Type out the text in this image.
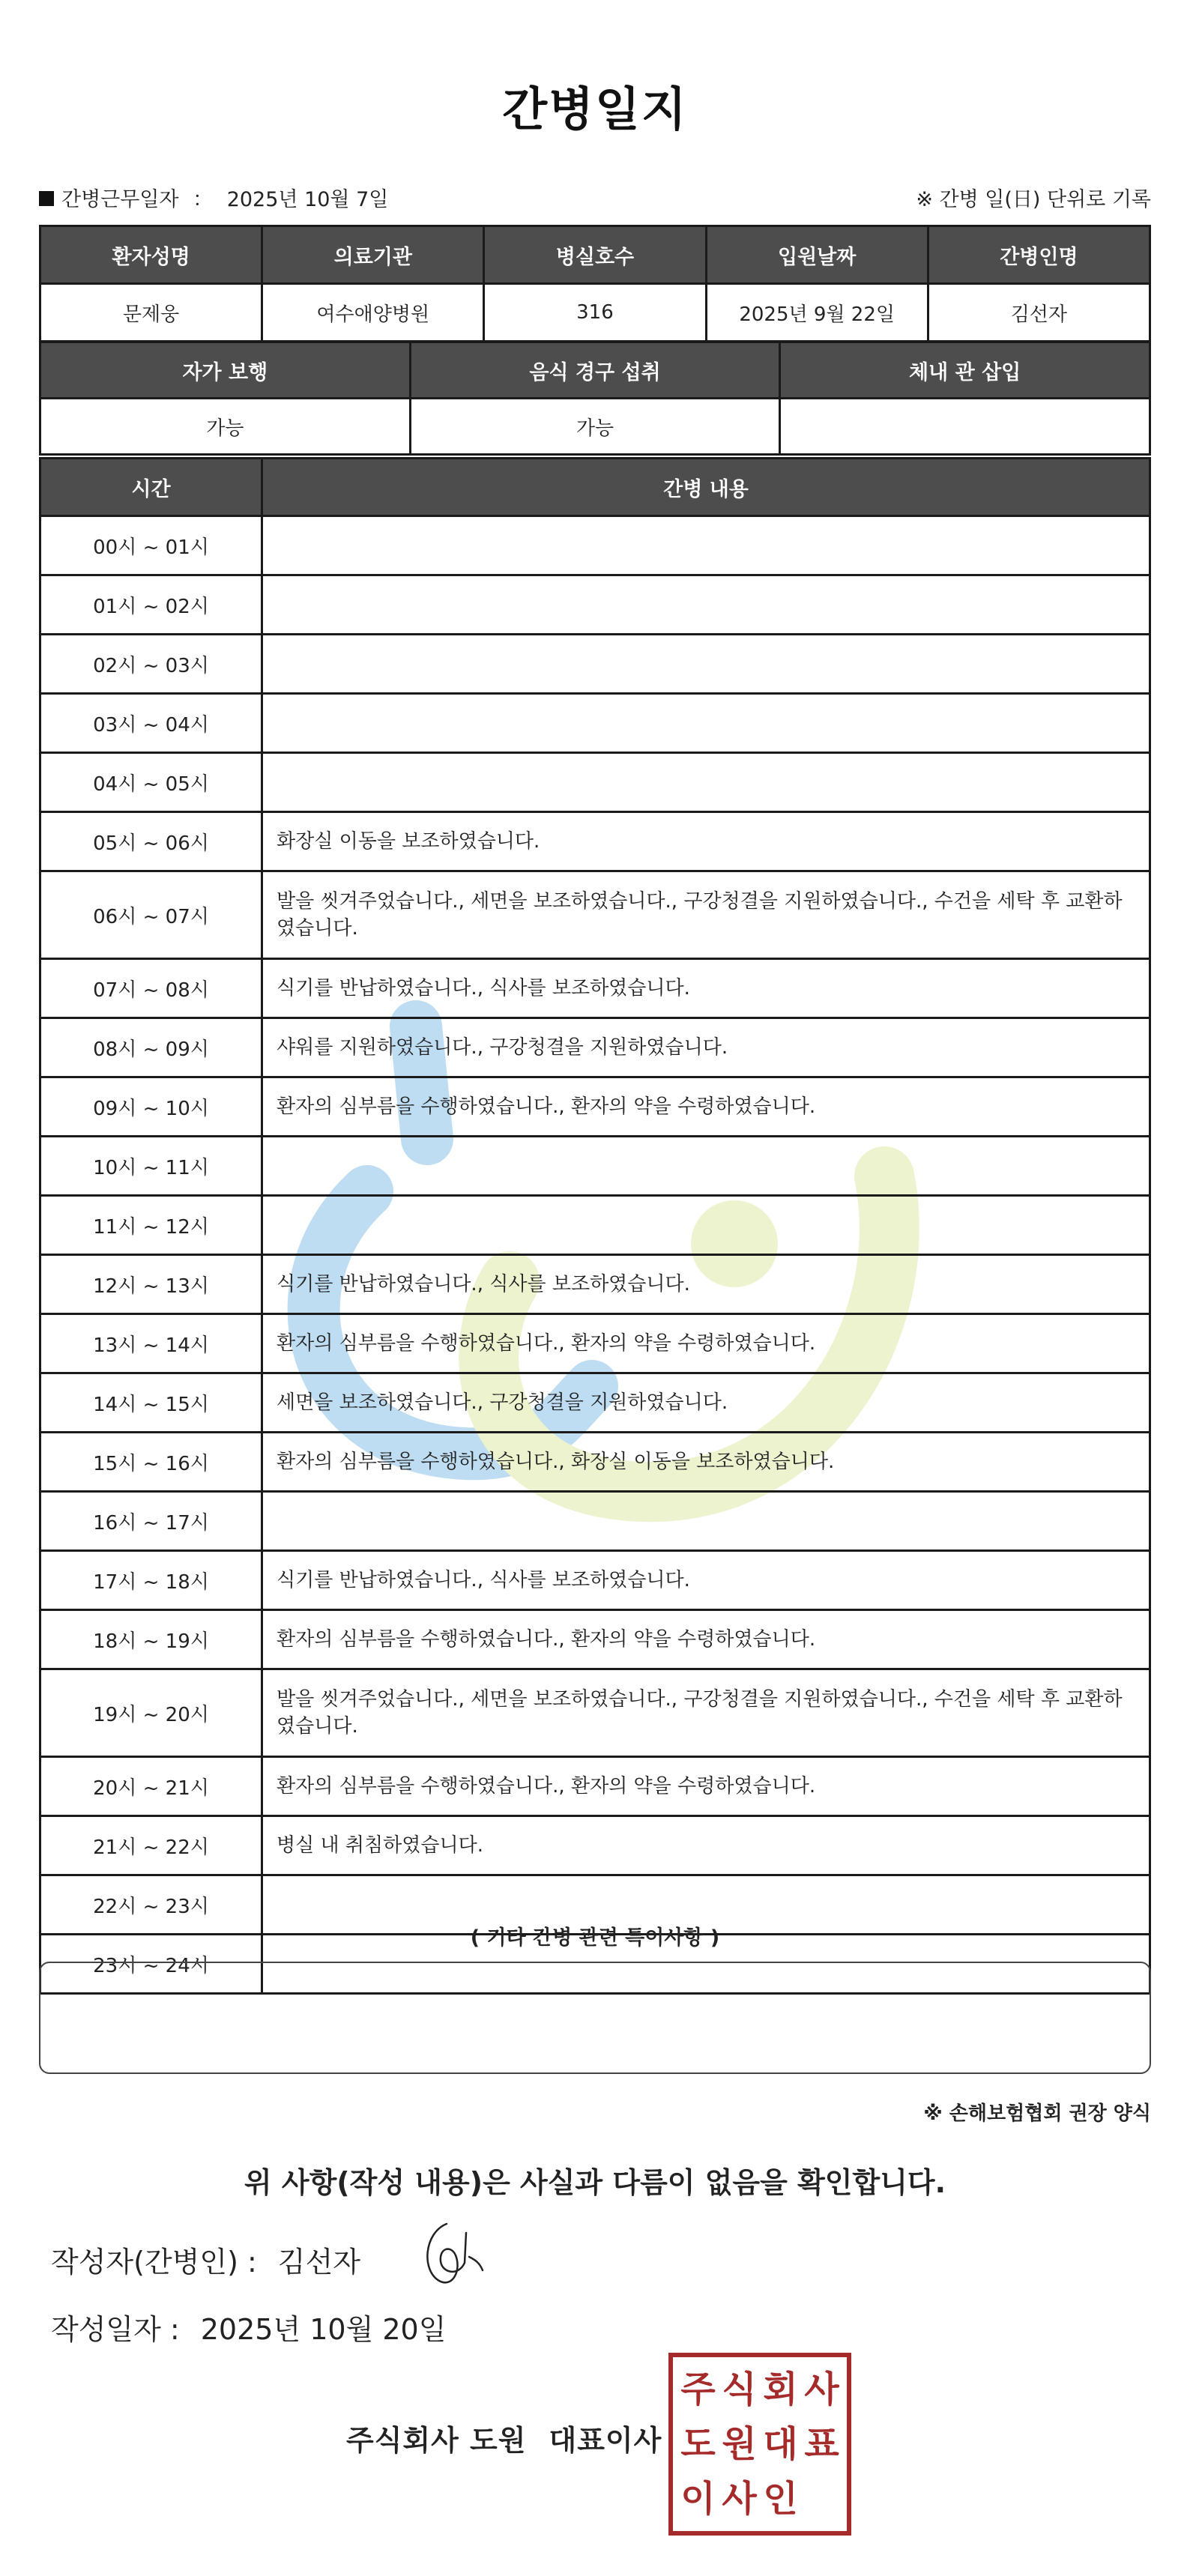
간병일지
간병근무일자 ： 2025년 10월 7일	※ 간병 일(日) 단위로 기록
환자성명	의료기관	병실호수	입원날짜	간병인명
문제웅	여수애양병원	316	2025년 9월 22일	김선자
자가 보행	음식 경구 섭취	체내 관 삽입
가능	가능	
시간	간병 내용
00시 ~ 01시	
01시 ~ 02시	
02시 ~ 03시	
03시 ~ 04시	
04시 ~ 05시	
05시 ~ 06시	화장실 이동을 보조하였습니다.
06시 ~ 07시	발을 씻겨주었습니다., 세면을 보조하였습니다., 구강청결을 지원하였습니다., 수건을 세탁 후 교환하였습니다.
07시 ~ 08시	식기를 반납하였습니다., 식사를 보조하였습니다.
08시 ~ 09시	샤워를 지원하였습니다., 구강청결을 지원하였습니다.
09시 ~ 10시	환자의 심부름을 수행하였습니다., 환자의 약을 수령하였습니다.
10시 ~ 11시	
11시 ~ 12시	
12시 ~ 13시	식기를 반납하였습니다., 식사를 보조하였습니다.
13시 ~ 14시	환자의 심부름을 수행하였습니다., 환자의 약을 수령하였습니다.
14시 ~ 15시	세면을 보조하였습니다., 구강청결을 지원하였습니다.
15시 ~ 16시	환자의 심부름을 수행하였습니다., 화장실 이동을 보조하였습니다.
16시 ~ 17시	
17시 ~ 18시	식기를 반납하였습니다., 식사를 보조하였습니다.
18시 ~ 19시	환자의 심부름을 수행하였습니다., 환자의 약을 수령하였습니다.
19시 ~ 20시	발을 씻겨주었습니다., 세면을 보조하였습니다., 구강청결을 지원하였습니다., 수건을 세탁 후 교환하였습니다.
20시 ~ 21시	환자의 심부름을 수행하였습니다., 환자의 약을 수령하였습니다.
21시 ~ 22시	병실 내 취침하였습니다.
22시 ~ 23시	
23시 ~ 24시	
( 기타 간병 관련 특이사항 )
※ 손해보험협회 권장 양식
위 사항(작성 내용)은 사실과 다름이 없음을 확인합니다.
작성자(간병인) : 김선자
작성일자 : 2025년 10월 20일
주식회사 도원 대표이사
주 식 회 사
도 원 대 표
이 사 인
